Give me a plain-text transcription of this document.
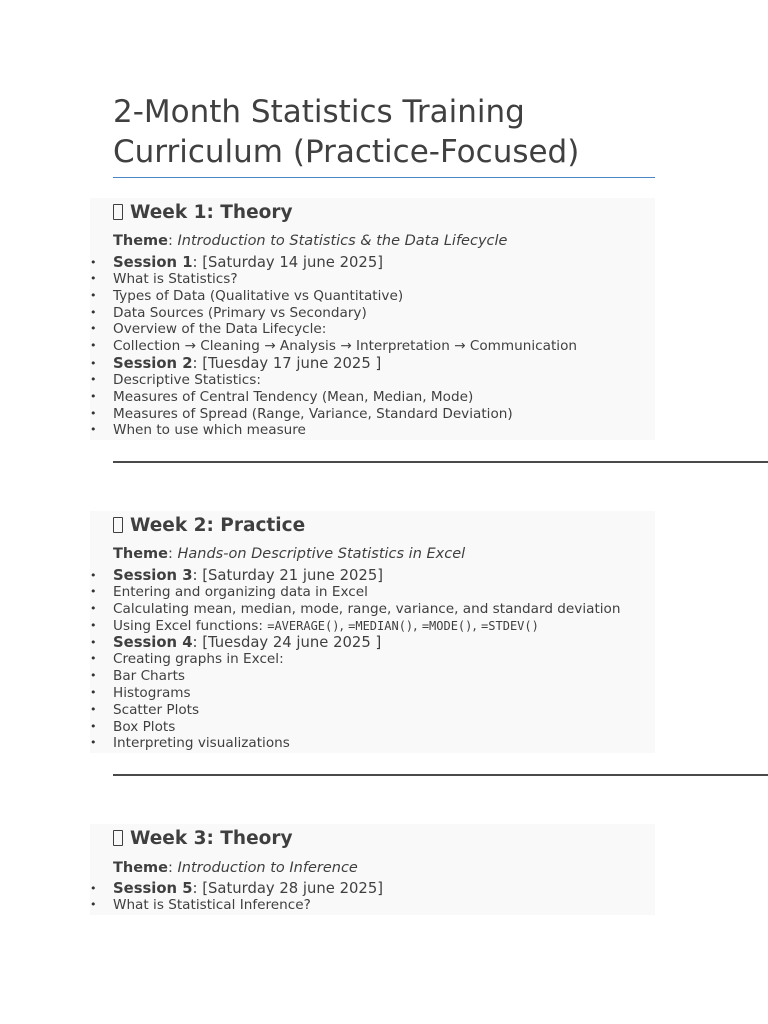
2-Month Statistics Training Curriculum (Practice-Focused)
Week 1: Theory
Theme: Introduction to Statistics & the Data Lifecycle
• Session 1: [Saturday 14 june 2025]
• What is Statistics?
• Types of Data (Qualitative vs Quantitative)
• Data Sources (Primary vs Secondary)
• Overview of the Data Lifecycle:
• Collection → Cleaning → Analysis → Interpretation → Communication
• Session 2: [Tuesday 17 june 2025 ]
• Descriptive Statistics:
• Measures of Central Tendency (Mean, Median, Mode)
• Measures of Spread (Range, Variance, Standard Deviation)
• When to use which measure
Week 2: Practice
Theme: Hands-on Descriptive Statistics in Excel
• Session 3: [Saturday 21 june 2025]
• Entering and organizing data in Excel
• Calculating mean, median, mode, range, variance, and standard deviation
• Using Excel functions: =AVERAGE(), =MEDIAN(), =MODE(), =STDEV()
• Session 4: [Tuesday 24 june 2025 ]
• Creating graphs in Excel:
• Bar Charts
• Histograms
• Scatter Plots
• Box Plots
• Interpreting visualizations
Week 3: Theory
Theme: Introduction to Inference
• Session 5: [Saturday 28 june 2025]
• What is Statistical Inference?
